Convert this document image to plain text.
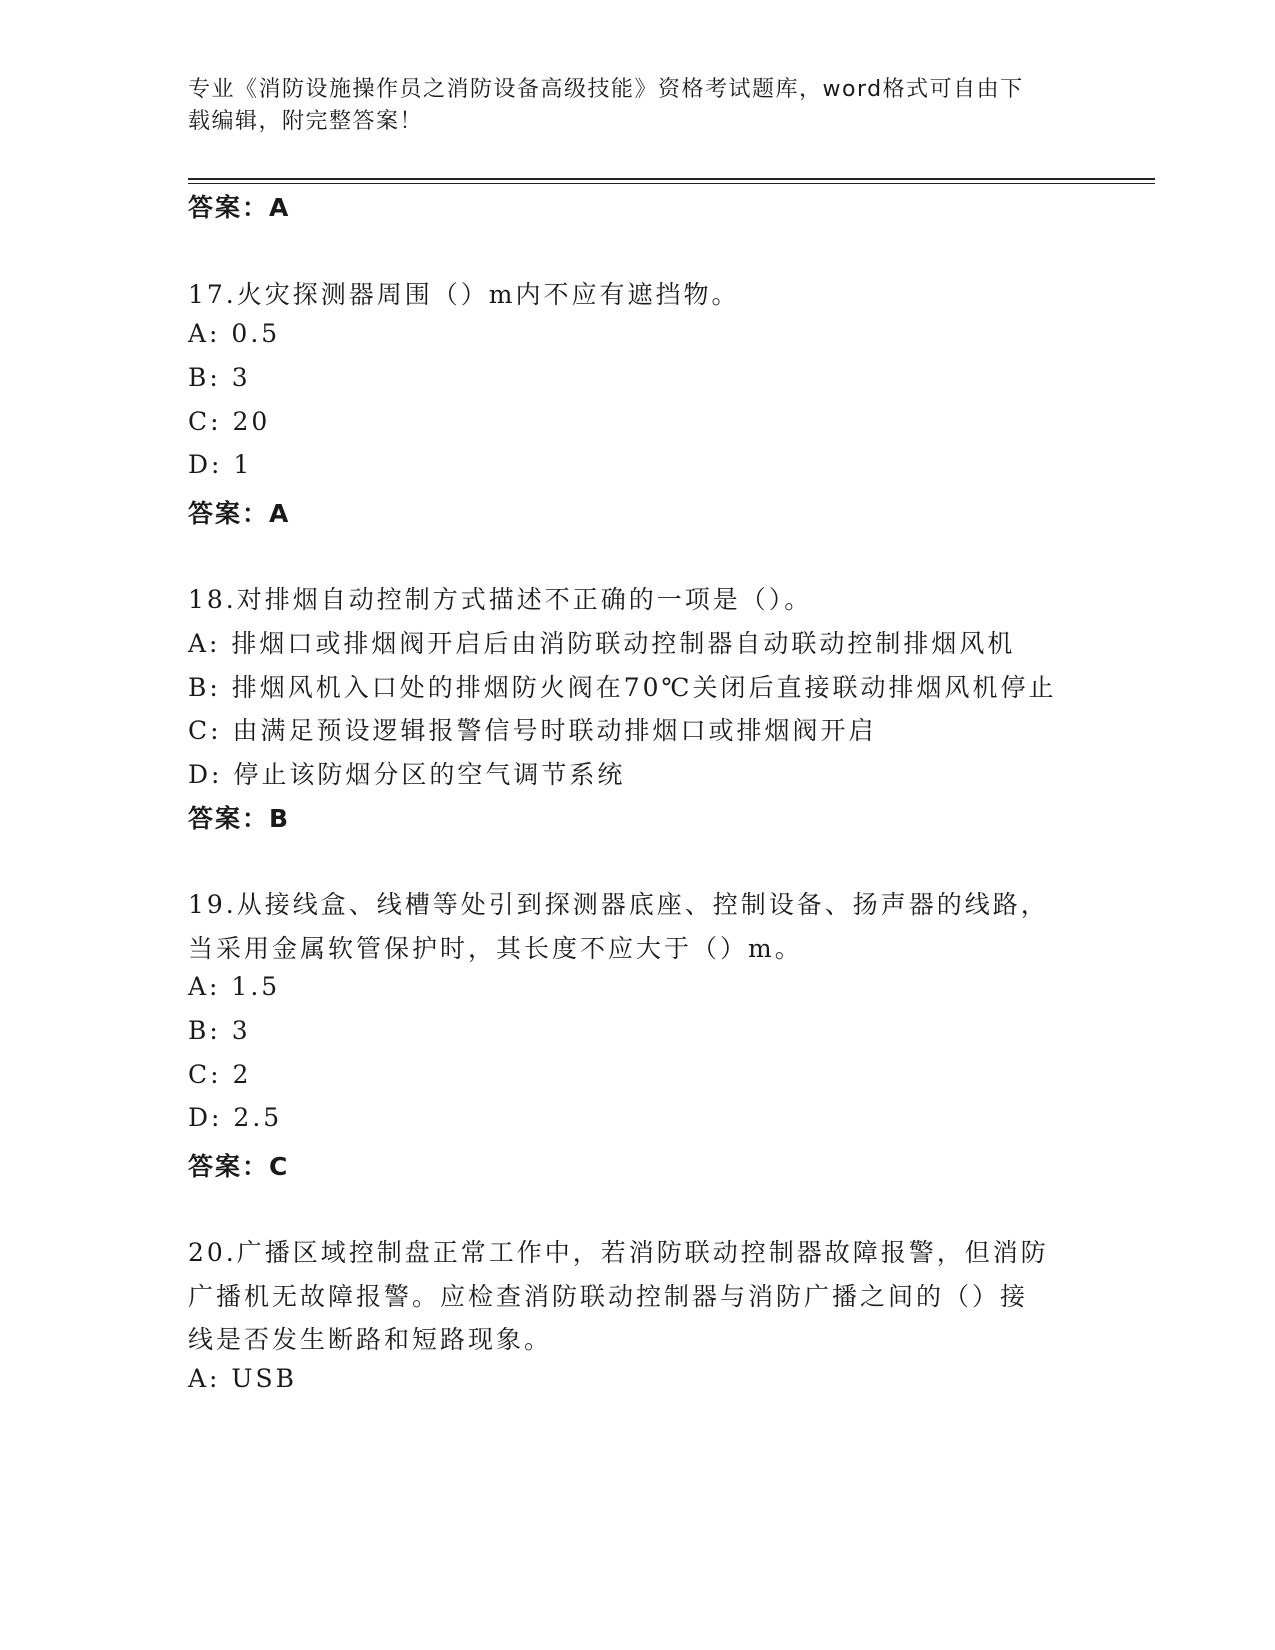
专业《消防设施操作员之消防设备高级技能》资格考试题库，word格式可自由下
载编辑，附完整答案！
答案：A
17.火灾探测器周围（）m内不应有遮挡物。
A: 0.5
B: 3
C: 20
D: 1
答案：A
18.对排烟自动控制方式描述不正确的一项是（）。
A: 排烟口或排烟阀开启后由消防联动控制器自动联动控制排烟风机
B: 排烟风机入口处的排烟防火阀在70℃关闭后直接联动排烟风机停止
C: 由满足预设逻辑报警信号时联动排烟口或排烟阀开启
D: 停止该防烟分区的空气调节系统
答案：B
19.从接线盒、线槽等处引到探测器底座、控制设备、扬声器的线路，
当采用金属软管保护时，其长度不应大于（）m。
A: 1.5
B: 3
C: 2
D: 2.5
答案：C
20.广播区域控制盘正常工作中，若消防联动控制器故障报警，但消防
广播机无故障报警。应检查消防联动控制器与消防广播之间的（）接
线是否发生断路和短路现象。
A: USB
